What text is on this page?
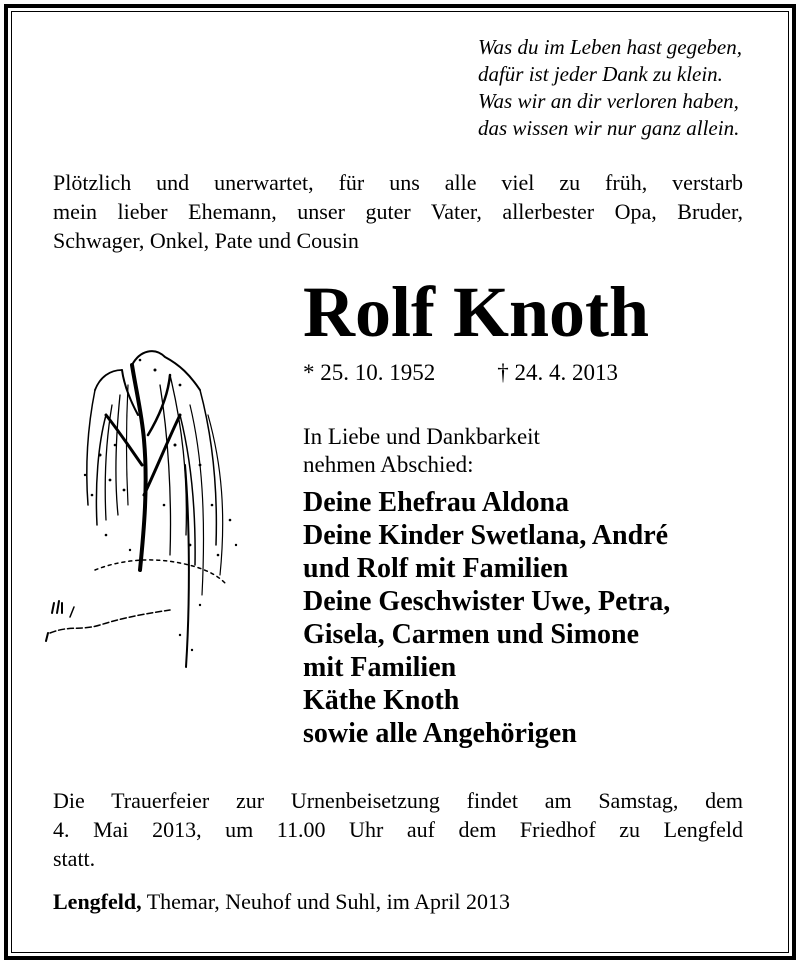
Was du im Leben hast gegeben,
dafür ist jeder Dank zu klein.
Was wir an dir verloren haben,
das wissen wir nur ganz allein.
Plötzlich und unerwartet, für uns alle viel zu früh, verstarb
mein lieber Ehemann, unser guter Vater, allerbester Opa, Bruder,
Schwager, Onkel, Pate und Cousin
Rolf Knoth
* 25. 10. 1952	† 24. 4. 2013
In Liebe und Dankbarkeit
nehmen Abschied:
Deine Ehefrau Aldona
Deine Kinder Swetlana, André
und Rolf mit Familien
Deine Geschwister Uwe, Petra,
Gisela, Carmen und Simone
mit Familien
Käthe Knoth
sowie alle Angehörigen
Die Trauerfeier zur Urnenbeisetzung findet am Samstag, dem
4. Mai 2013, um 11.00 Uhr auf dem Friedhof zu Lengfeld
statt.
Lengfeld, Themar, Neuhof und Suhl, im April 2013
